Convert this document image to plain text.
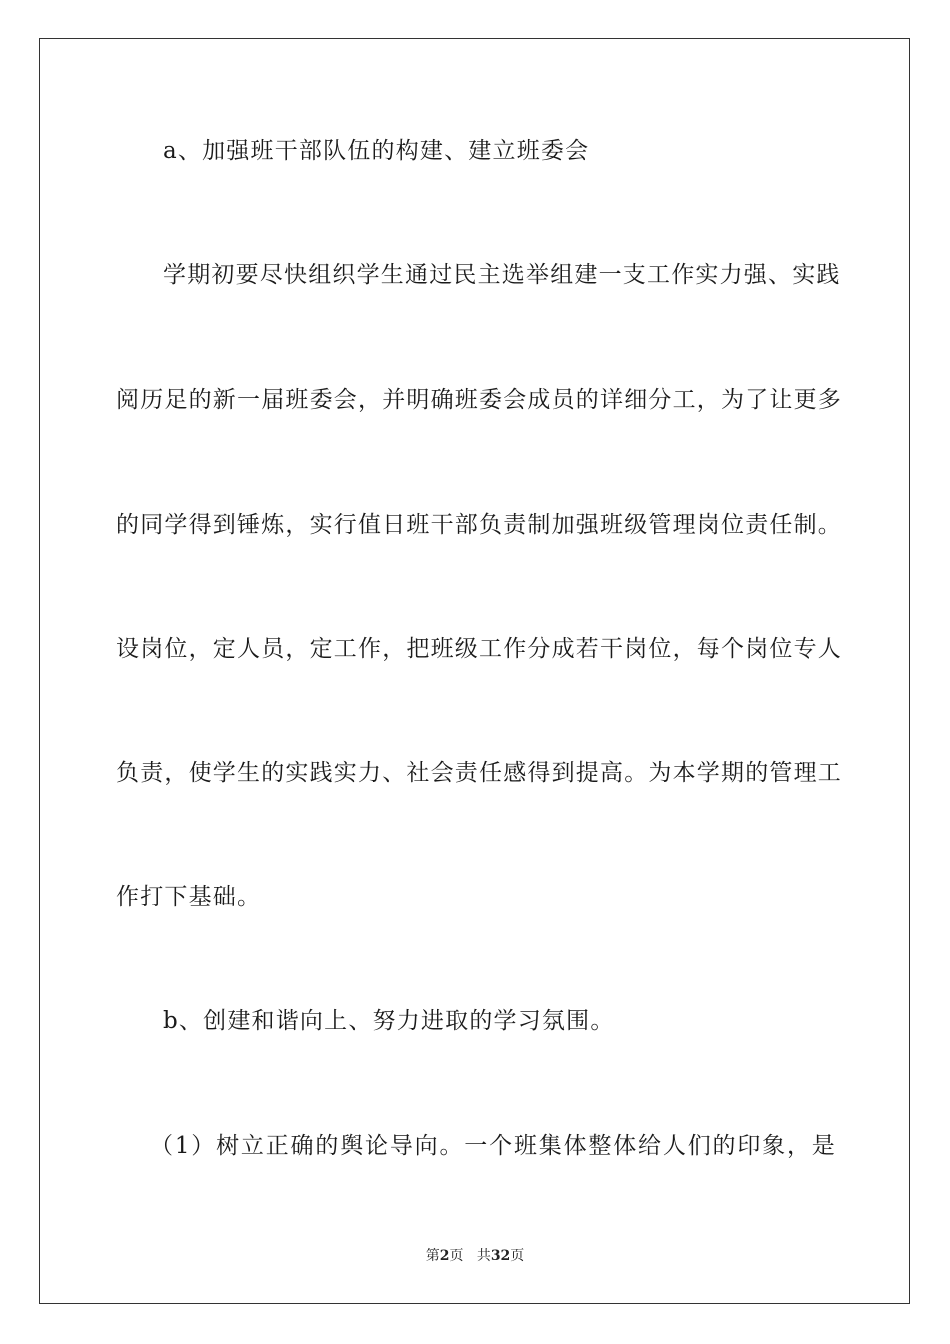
a、加强班干部队伍的构建、建立班委会
学期初要尽快组织学生通过民主选举组建一支工作实力强、实践
阅历足的新一届班委会，并明确班委会成员的详细分工，为了让更多
的同学得到锤炼，实行值日班干部负责制加强班级管理岗位责任制。
设岗位，定人员，定工作，把班级工作分成若干岗位，每个岗位专人
负责，使学生的实践实力、社会责任感得到提高。为本学期的管理工
作打下基础。
b、创建和谐向上、努力进取的学习氛围。
（1）树立正确的舆论导向。一个班集体整体给人们的印象，是
第2页 共32页
